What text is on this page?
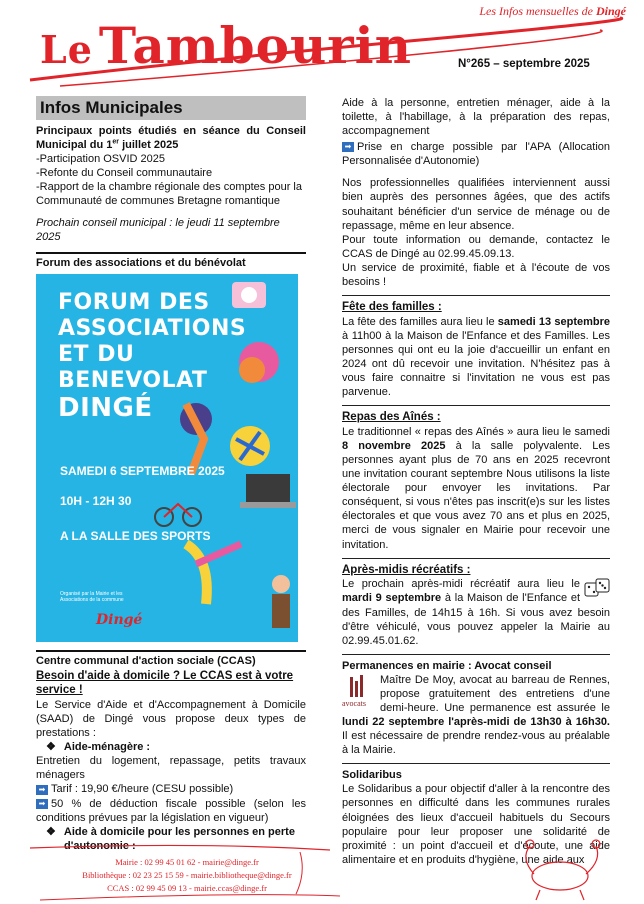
Les Infos mensuelles de Dingé
Le Tambourin	N°265 – septembre 2025
Infos Municipales
Principaux points étudiés en séance du Conseil Municipal du 1er juillet 2025
-Participation OSVID 2025
-Refonte du Conseil communautaire
-Rapport de la chambre régionale des comptes pour la Communauté de communes Bretagne romantique
Prochain conseil municipal : le jeudi 11 septembre 2025
Forum des associations et du bénévolat
FORUM DES
ASSOCIATIONS
ET DU
BENEVOLAT
DINGÉ
SAMEDI 6 SEPTEMBRE 2025
10H - 12H 30
A LA SALLE DES SPORTS
Organisé par la Mairie et les Associations de la commune
Dingé
Centre communal d'action sociale (CCAS)
Besoin d'aide à domicile ? Le CCAS est à votre service !

Le Service d'Aide et d'Accompagnement à Domicile (SAAD) de Dingé vous propose deux types de prestations :

❖ Aide-ménagère :

Entretien du logement, repassage, petits travaux ménagers

➡ Tarif : 19,90 €/heure (CESU possible)

➡ 50 % de déduction fiscale possible (selon les conditions prévues par la législation en vigueur)

❖ Aide à domicile pour les personnes en perte d'autonomie :

Aide à la personne, entretien ménager, aide à la toilette, à l'habillage, à la préparation des repas, accompagnement

➡ Prise en charge possible par l'APA (Allocation Personnalisée d'Autonomie)

Nos professionnelles qualifiées interviennent aussi bien auprès des personnes âgées, que des actifs souhaitant bénéficier d'un service de ménage ou de repassage, même en leur absence.

Pour toute information ou demande, contactez le CCAS de Dingé au 02.99.45.09.13.

Un service de proximité, fiable et à l'écoute de vos besoins !

Fête des familles :

La fête des familles aura lieu le samedi 13 septembre à 11h00 à la Maison de l'Enfance et des Familles. Les personnes qui ont eu la joie d'accueillir un enfant en 2024 ont dû recevoir une invitation. N'hésitez pas à vous faire connaitre si l'invitation ne vous est pas parvenue.

Repas des Aînés :

Le traditionnel « repas des Aînés » aura lieu le samedi 8 novembre 2025 à la salle polyvalente. Les personnes ayant plus de 70 ans en 2025 recevront une invitation courant septembre Nous utilisons la liste électorale pour envoyer les invitations. Par conséquent, si vous n'êtes pas inscrit(e)s sur les listes électorales et que vous avez 70 ans et plus en 2025, merci de vous signaler en Mairie pour recevoir une invitation.

Après-midis récréatifs :

Le prochain après-midi récréatif aura lieu le mardi 9 septembre à la Maison de l'Enfance et des Familles, de 14h15 à 16h. Si vous avez besoin d'être véhiculé, vous pouvez appeler la Mairie au 02.99.45.01.62.

Permanences en mairie : Avocat conseil

avocats
Maître De Moy, avocat au barreau de Rennes, propose gratuitement des entretiens d'une demi-heure. Une permanence est assurée le lundi 22 septembre l'après-midi de 13h30 à 16h30. Il est nécessaire de prendre rendez-vous au préalable à la Mairie.

Solidaribus

Le Solidaribus a pour objectif d'aller à la rencontre des personnes en difficulté dans les communes rurales éloignées des lieux d'accueil habituels du Secours populaire pour leur proposer une solidarité de proximité : un point d'accueil et d'écoute, une aide alimentaire et en produits d'hygiène, une aide aux

Mairie : 02 99 45 01 62 - mairie@dinge.fr
Bibliothèque : 02 23 25 15 59 - mairie.bibliotheque@dinge.fr
CCAS : 02 99 45 09 13 - mairie.ccas@dinge.fr
